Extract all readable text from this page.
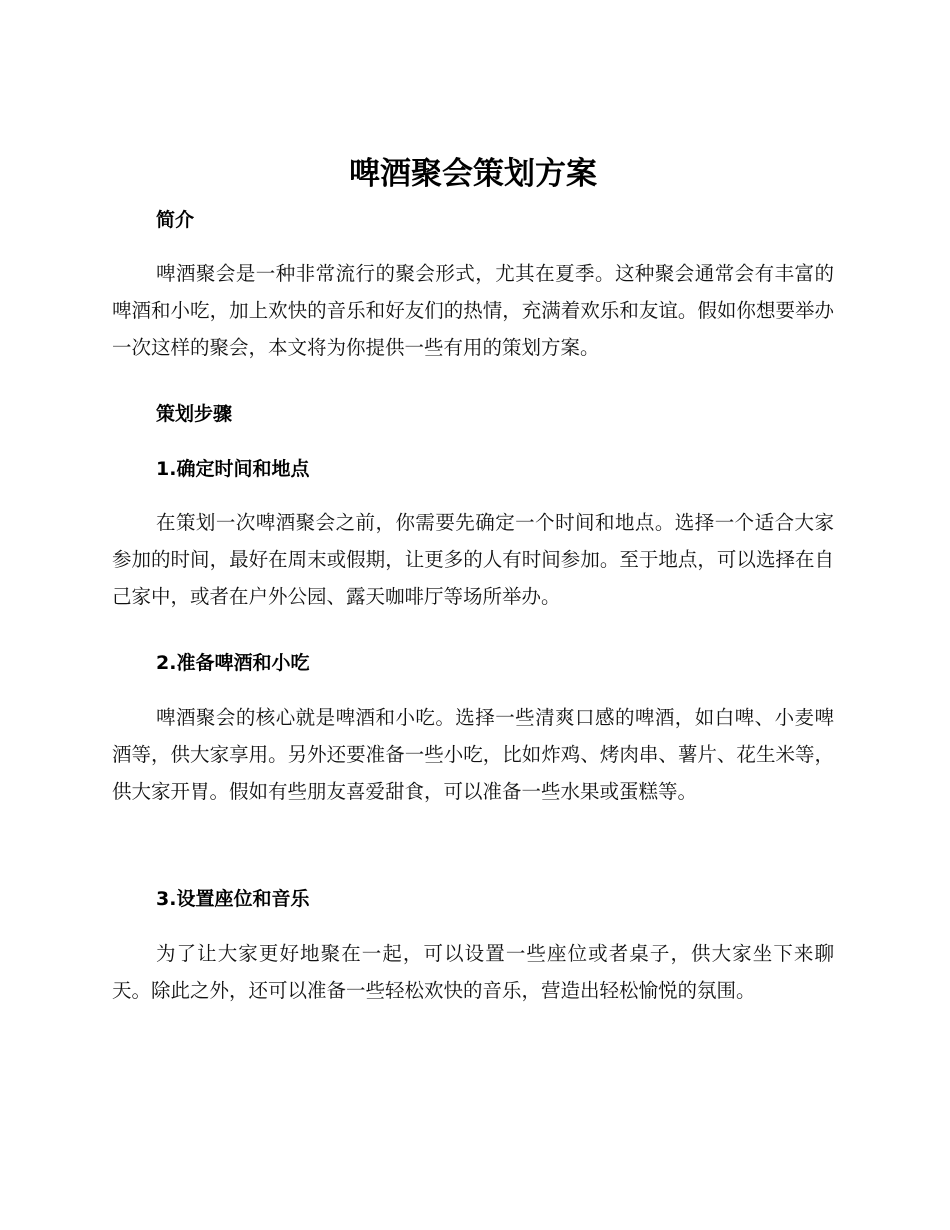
啤酒聚会策划方案
简介

啤酒聚会是一种非常流行的聚会形式，尤其在夏季。这种聚会通常会有丰富的啤酒和小吃，加上欢快的音乐和好友们的热情，充满着欢乐和友谊。假如你想要举办一次这样的聚会，本文将为你提供一些有用的策划方案。

策划步骤
1.确定时间和地点

在策划一次啤酒聚会之前，你需要先确定一个时间和地点。选择一个适合大家参加的时间，最好在周末或假期，让更多的人有时间参加。至于地点，可以选择在自己家中，或者在户外公园、露天咖啡厅等场所举办。

2.准备啤酒和小吃

啤酒聚会的核心就是啤酒和小吃。选择一些清爽口感的啤酒，如白啤、小麦啤酒等，供大家享用。另外还要准备一些小吃，比如炸鸡、烤肉串、薯片、花生米等，供大家开胃。假如有些朋友喜爱甜食，可以准备一些水果或蛋糕等。

3.设置座位和音乐

为了让大家更好地聚在一起，可以设置一些座位或者桌子，供大家坐下来聊天。除此之外，还可以准备一些轻松欢快的音乐，营造出轻松愉悦的氛围。
